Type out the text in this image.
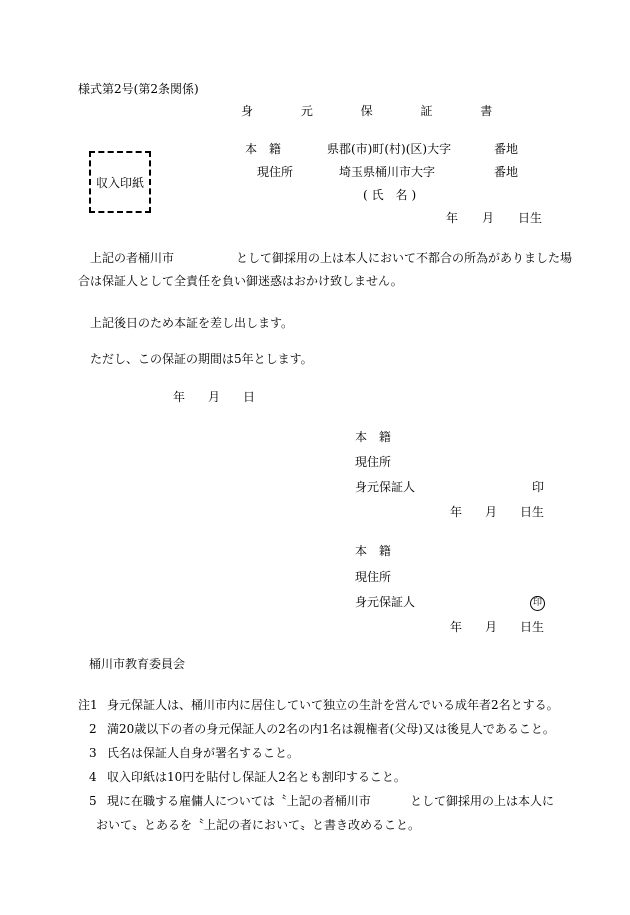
様式第2号(第2条関係)
身 元 保 証 書
収入印紙
本 籍	県郡(市)町(村)(区)大字	番地
現住所	埼玉県桶川市大字	番地
(氏 名)
年 月 日生
上記の者桶川市	として御採用の上は本人において不都合の所為がありました場
合は保証人として全責任を負い御迷惑はおかけ致しません。
上記後日のため本証を差し出します。
ただし、この保証の期間は5年とします。
年 月 日
本 籍
現住所
身元保証人	印
年 月 日生
本 籍
現住所
身元保証人	印
年 月 日生
桶川市教育委員会
注1 身元保証人は、桶川市内に居住していて独立の生計を営んでいる成年者2名とする。
2 満20歳以下の者の身元保証人の2名の内1名は親権者(父母)又は後見人であること。
3 氏名は保証人自身が署名すること。
4 収入印紙は10円を貼付し保証人2名とも割印すること。
5 現に在職する雇傭人については〝上記の者桶川市	として御採用の上は本人に
おいて〟とあるを〝上記の者において〟と書き改めること。
